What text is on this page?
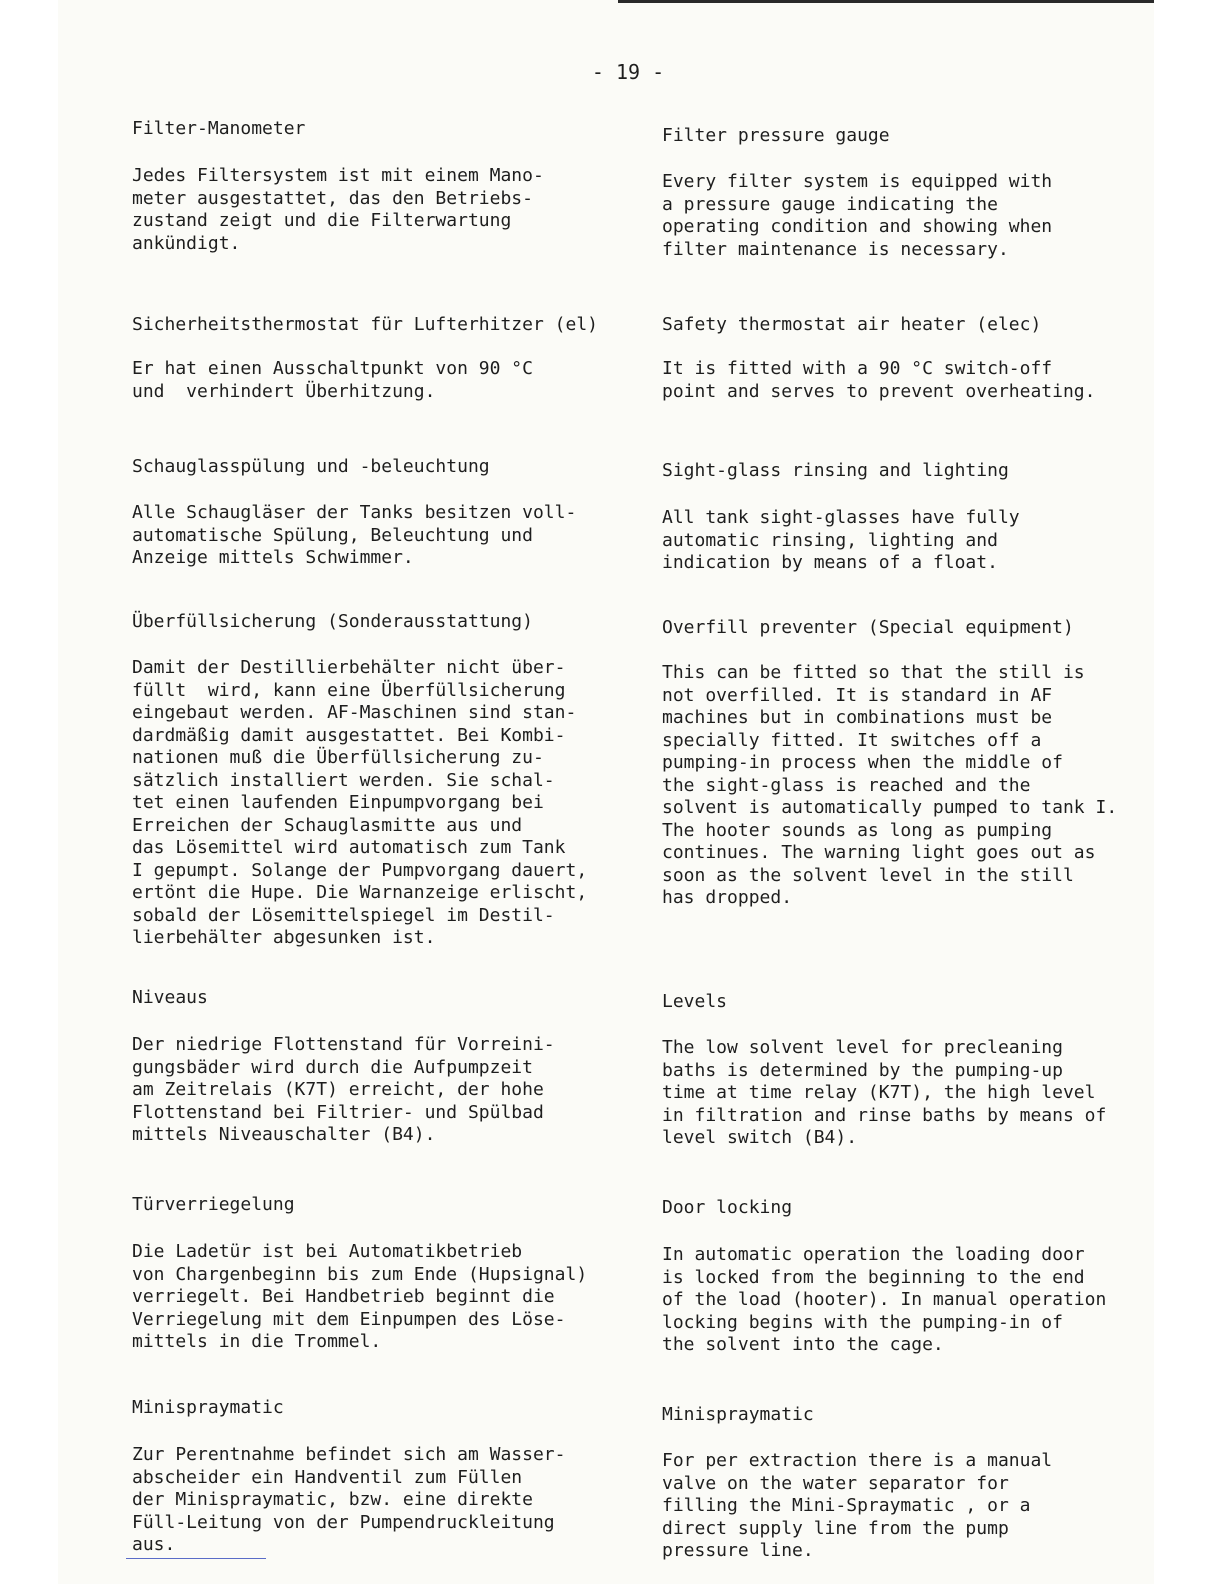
- 19 -
Filter-Manometer
Jedes Filtersystem ist mit einem Mano-
meter ausgestattet, das den Betriebs-
zustand zeigt und die Filterwartung
ankündigt.
Filter pressure gauge
Every filter system is equipped with
a pressure gauge indicating the
operating condition and showing when
filter maintenance is necessary.
Sicherheitsthermostat für Lufterhitzer (el)
Er hat einen Ausschaltpunkt von 90 °C
und  verhindert Überhitzung.
Safety thermostat air heater (elec)
It is fitted with a 90 °C switch-off
point and serves to prevent overheating.
Schauglasspülung und -beleuchtung
Alle Schaugläser der Tanks besitzen voll-
automatische Spülung, Beleuchtung und
Anzeige mittels Schwimmer.
Sight-glass rinsing and lighting
All tank sight-glasses have fully
automatic rinsing, lighting and
indication by means of a float.
Überfüllsicherung (Sonderausstattung)
Damit der Destillierbehälter nicht über-
füllt  wird, kann eine Überfüllsicherung
eingebaut werden. AF-Maschinen sind stan-
dardmäßig damit ausgestattet. Bei Kombi-
nationen muß die Überfüllsicherung zu-
sätzlich installiert werden. Sie schal-
tet einen laufenden Einpumpvorgang bei
Erreichen der Schauglasmitte aus und
das Lösemittel wird automatisch zum Tank
I gepumpt. Solange der Pumpvorgang dauert,
ertönt die Hupe. Die Warnanzeige erlischt,
sobald der Lösemittelspiegel im Destil-
lierbehälter abgesunken ist.
Overfill preventer (Special equipment)
This can be fitted so that the still is
not overfilled. It is standard in AF
machines but in combinations must be
specially fitted. It switches off a
pumping-in process when the middle of
the sight-glass is reached and the
solvent is automatically pumped to tank I.
The hooter sounds as long as pumping
continues. The warning light goes out as
soon as the solvent level in the still
has dropped.
Niveaus
Der niedrige Flottenstand für Vorreini-
gungsbäder wird durch die Aufpumpzeit
am Zeitrelais (K7T) erreicht, der hohe
Flottenstand bei Filtrier- und Spülbad
mittels Niveauschalter (B4).
Levels
The low solvent level for precleaning
baths is determined by the pumping-up
time at time relay (K7T), the high level
in filtration and rinse baths by means of
level switch (B4).
Türverriegelung
Die Ladetür ist bei Automatikbetrieb
von Chargenbeginn bis zum Ende (Hupsignal)
verriegelt. Bei Handbetrieb beginnt die
Verriegelung mit dem Einpumpen des Löse-
mittels in die Trommel.
Door locking
In automatic operation the loading door
is locked from the beginning to the end
of the load (hooter). In manual operation
locking begins with the pumping-in of
the solvent into the cage.
Minispraymatic
Zur Perentnahme befindet sich am Wasser-
abscheider ein Handventil zum Füllen
der Minispraymatic, bzw. eine direkte
Füll-Leitung von der Pumpendruckleitung
aus.
Minispraymatic
For per extraction there is a manual
valve on the water separator for
filling the Mini-Spraymatic , or a
direct supply line from the pump
pressure line.
